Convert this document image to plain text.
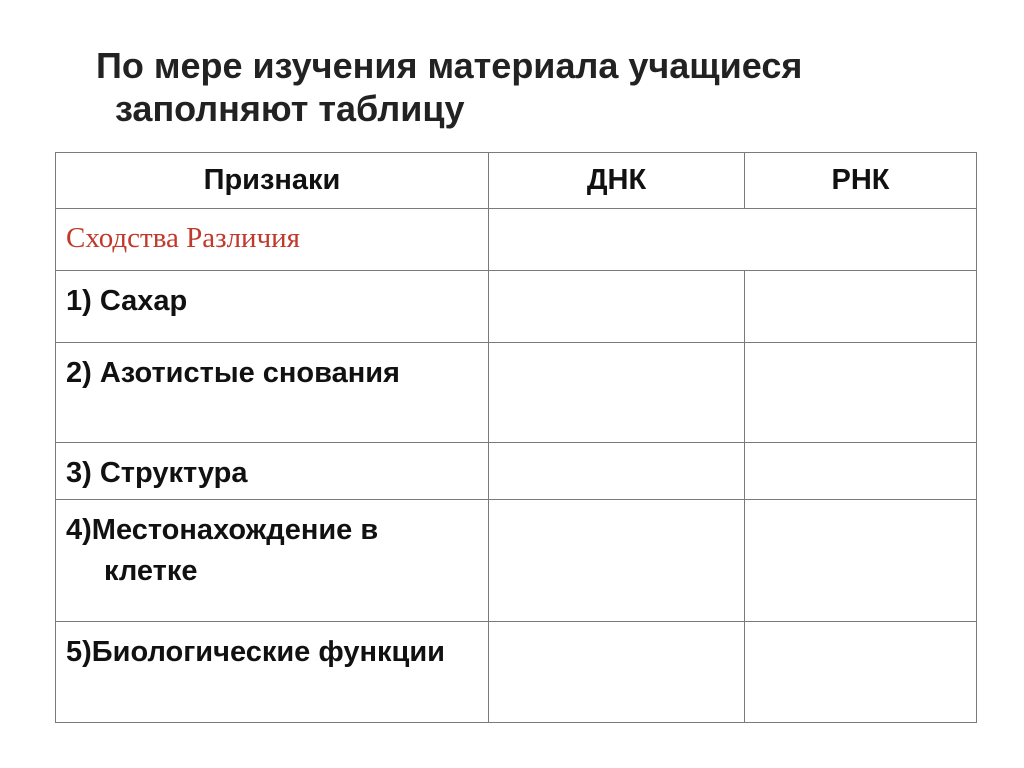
По мере изучения материала учащиеся
заполняют таблицу
Признаки	ДНК	РНК

Сходства Различия		

1) Сахар		

2) Азотистые снования		

3) Структура		

4)Местонахождение в
клетке		

5)Биологические функции		
